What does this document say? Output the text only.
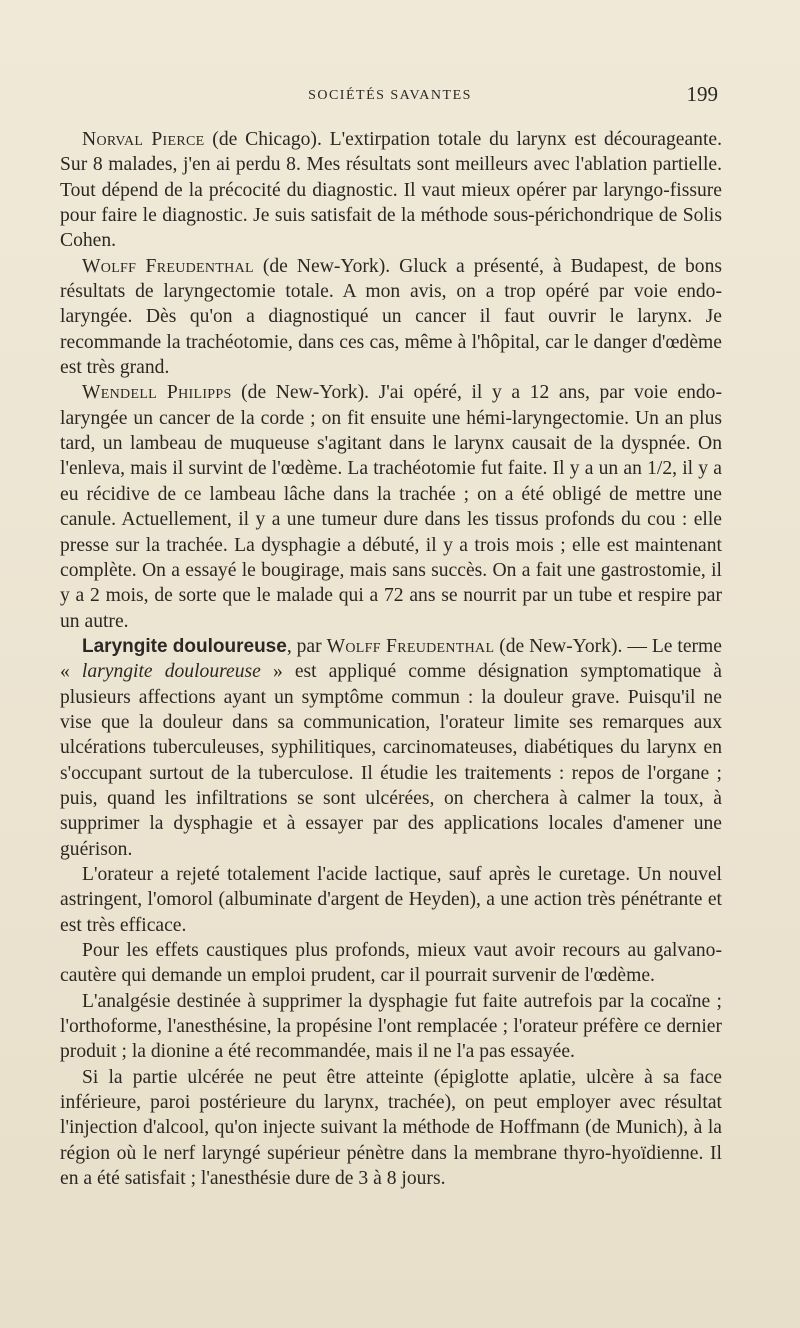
SOCIÉTÉS SAVANTES	199

Norval Pierce (de Chicago). L'extirpation totale du larynx est décourageante. Sur 8 malades, j'en ai perdu 8. Mes résultats sont meilleurs avec l'ablation partielle. Tout dépend de la précocité du diagnostic. Il vaut mieux opérer par laryngo-fissure pour faire le diagnostic. Je suis satisfait de la méthode sous-périchondrique de Solis Cohen.

Wolff Freudenthal (de New-York). Gluck a présenté, à Budapest, de bons résultats de laryngectomie totale. A mon avis, on a trop opéré par voie endo-laryngée. Dès qu'on a diagnostiqué un cancer il faut ouvrir le larynx. Je recommande la trachéotomie, dans ces cas, même à l'hôpital, car le danger d'œdème est très grand.

Wendell Philipps (de New-York). J'ai opéré, il y a 12 ans, par voie endo-laryngée un cancer de la corde ; on fit ensuite une hémi-laryngectomie. Un an plus tard, un lambeau de muqueuse s'agitant dans le larynx causait de la dyspnée. On l'enleva, mais il survint de l'œdème. La trachéotomie fut faite. Il y a un an 1/2, il y a eu récidive de ce lambeau lâche dans la trachée ; on a été obligé de mettre une canule. Actuellement, il y a une tumeur dure dans les tissus profonds du cou : elle presse sur la trachée. La dysphagie a débuté, il y a trois mois ; elle est maintenant complète. On a essayé le bougirage, mais sans succès. On a fait une gastrostomie, il y a 2 mois, de sorte que le malade qui a 72 ans se nourrit par un tube et respire par un autre.

Laryngite douloureuse, par Wolff Freudenthal (de New-York). — Le terme « laryngite douloureuse » est appliqué comme désignation symptomatique à plusieurs affections ayant un symptôme commun : la douleur grave. Puisqu'il ne vise que la douleur dans sa communication, l'orateur limite ses remarques aux ulcérations tuberculeuses, syphilitiques, carcinomateuses, diabétiques du larynx en s'occupant surtout de la tuberculose. Il étudie les traitements : repos de l'organe ; puis, quand les infiltrations se sont ulcérées, on cherchera à calmer la toux, à supprimer la dysphagie et à essayer par des applications locales d'amener une guérison.

L'orateur a rejeté totalement l'acide lactique, sauf après le curetage. Un nouvel astringent, l'omorol (albuminate d'argent de Heyden), a une action très pénétrante et est très efficace.

Pour les effets caustiques plus profonds, mieux vaut avoir recours au galvano-cautère qui demande un emploi prudent, car il pourrait survenir de l'œdème.

L'analgésie destinée à supprimer la dysphagie fut faite autrefois par la cocaïne ; l'orthoforme, l'anesthésine, la propésine l'ont remplacée ; l'orateur préfère ce dernier produit ; la dionine a été recommandée, mais il ne l'a pas essayée.

Si la partie ulcérée ne peut être atteinte (épiglotte aplatie, ulcère à sa face inférieure, paroi postérieure du larynx, trachée), on peut employer avec résultat l'injection d'alcool, qu'on injecte suivant la méthode de Hoffmann (de Munich), à la région où le nerf laryngé supérieur pénètre dans la membrane thyro-hyoïdienne. Il en a été satisfait ; l'anesthésie dure de 3 à 8 jours.
